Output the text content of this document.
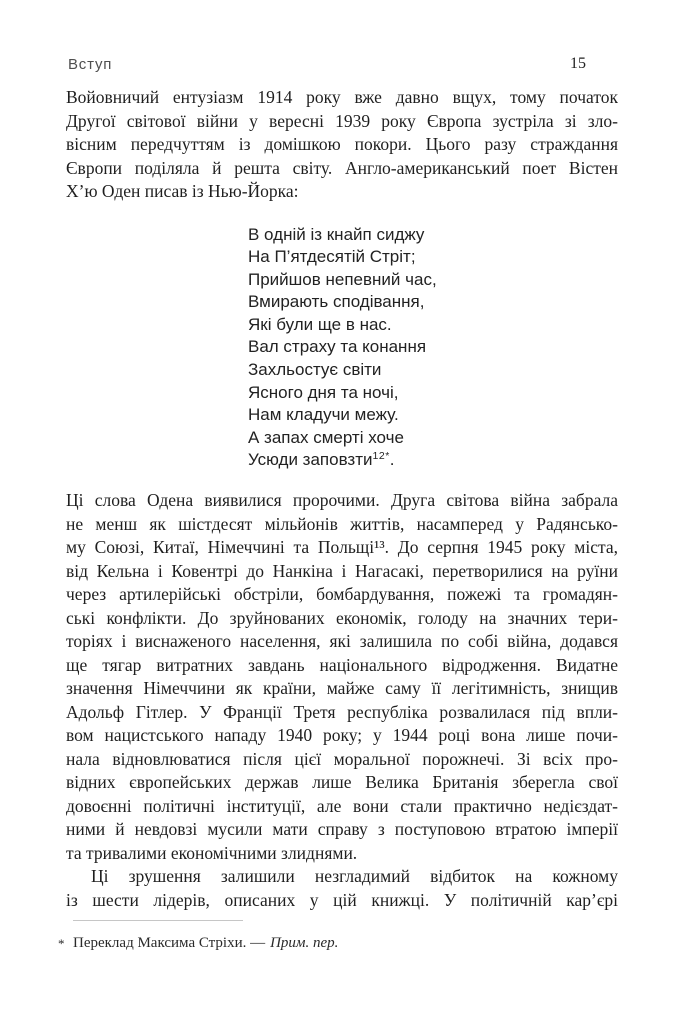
Вступ	15
Войовничий ентузіазм 1914 року вже давно вщух, тому початок
Другої світової війни у вересні 1939 року Європа зустріла зі зло-
вісним передчуттям із домішкою покори. Цього разу страждання
Європи поділяла й решта світу. Англо-американський поет Вістен
Х’ю Оден писав із Нью-Йорка:
В одній із кнайп сиджу
На П’ятдесятій Стріт;
Прийшов непевний час,
Вмирають сподівання,
Які були ще в нас.
Вал страху та конання
Захльостує світи
Ясного дня та ночі,
Нам кладучи межу.
А запах смерті хоче
Усюди заповзти$^{12*}$.
Ці слова Одена виявилися пророчими. Друга світова війна забрала
не менш як шістдесят мільйонів життів, насамперед у Радянсько-
му Союзі, Китаї, Німеччині та Польщі¹³. До серпня 1945 року міста,
від Кельна і Ковентрі до Нанкіна і Нагасакі, перетворилися на руїни
через артилерійські обстріли, бомбардування, пожежі та громадян-
ські конфлікти. До зруйнованих економік, голоду на значних тери-
торіях і виснаженого населення, які залишила по собі війна, додався
ще тягар витратних завдань національного відродження. Видатне
значення Німеччини як країни, майже саму її легітимність, знищив
Адольф Гітлер. У Франції Третя республіка розвалилася під впли-
вом нацистського нападу 1940 року; у 1944 році вона лише почи-
нала відновлюватися після цієї моральної порожнечі. Зі всіх про-
відних європейських держав лише Велика Британія зберегла свої
довоєнні політичні інституції, але вони стали практично недієздат-
ними й невдовзі мусили мати справу з поступовою втратою імперії
та тривалими економічними злиднями.
Ці зрушення залишили незгладимий відбиток на кожному
із шести лідерів, описаних у цій книжці. У політичній кар’єрі
* Переклад Максима Стріхи. — Прим. пер.
